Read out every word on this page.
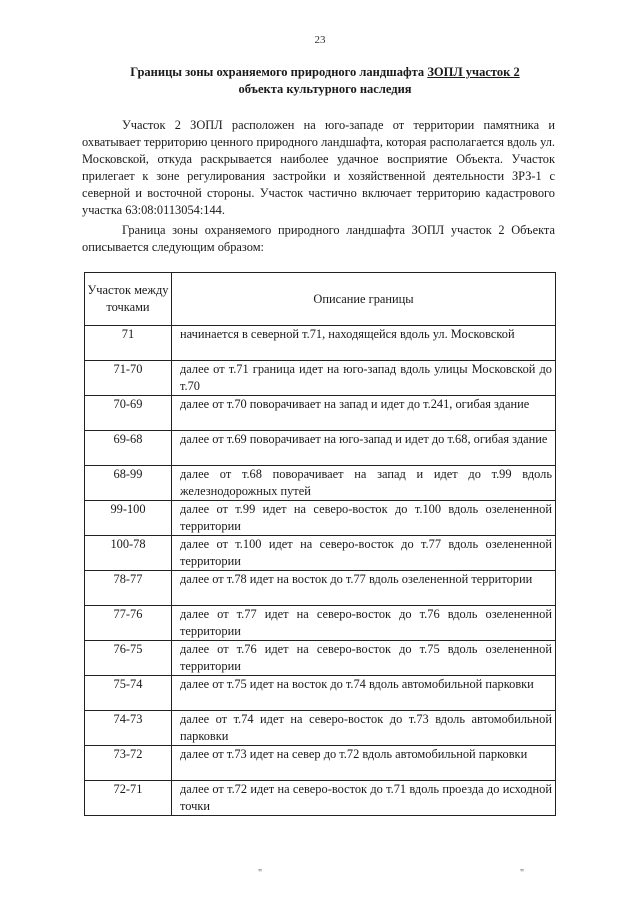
23
Границы зоны охраняемого природного ландшафта ЗОПЛ участок 2
объекта культурного наследия

Участок 2 ЗОПЛ расположен на юго-западе от территории памятника и охватывает территорию ценного природного ландшафта, которая располагается вдоль ул. Московской, откуда раскрывается наиболее удачное восприятие Объекта. Участок прилегает к зоне регулирования застройки и хозяйственной деятельности ЗРЗ-1 с северной и восточной стороны. Участок частично включает территорию кадастрового участка 63:08:0113054:144.

Граница зоны охраняемого природного ландшафта ЗОПЛ участок 2 Объекта описывается следующим образом:

Участок между точками	Описание границы
71	начинается в северной т.71, находящейся вдоль ул. Московской
71-70	далее от т.71 граница идет на юго-запад вдоль улицы Московской до т.70
70-69	далее от т.70 поворачивает на запад и идет до т.241, огибая здание
69-68	далее от т.69 поворачивает на юго-запад и идет до т.68, огибая здание
68-99	далее от т.68 поворачивает на запад и идет до т.99 вдоль железнодорожных путей
99-100	далее от т.99 идет на северо-восток до т.100 вдоль озелененной территории
100-78	далее от т.100 идет на северо-восток до т.77 вдоль озелененной территории
78-77	далее от т.78 идет на восток до т.77 вдоль озелененной территории
77-76	далее от т.77 идет на северо-восток до т.76 вдоль озелененной территории
76-75	далее от т.76 идет на северо-восток до т.75 вдоль озелененной территории
75-74	далее от т.75 идет на восток до т.74 вдоль автомобильной парковки
74-73	далее от т.74 идет на северо-восток до т.73 вдоль автомобильной парковки
73-72	далее от т.73 идет на север до т.72 вдоль автомобильной парковки
72-71	далее от т.72 идет на северо-восток до т.71 вдоль проезда до исходной точки
"	"
